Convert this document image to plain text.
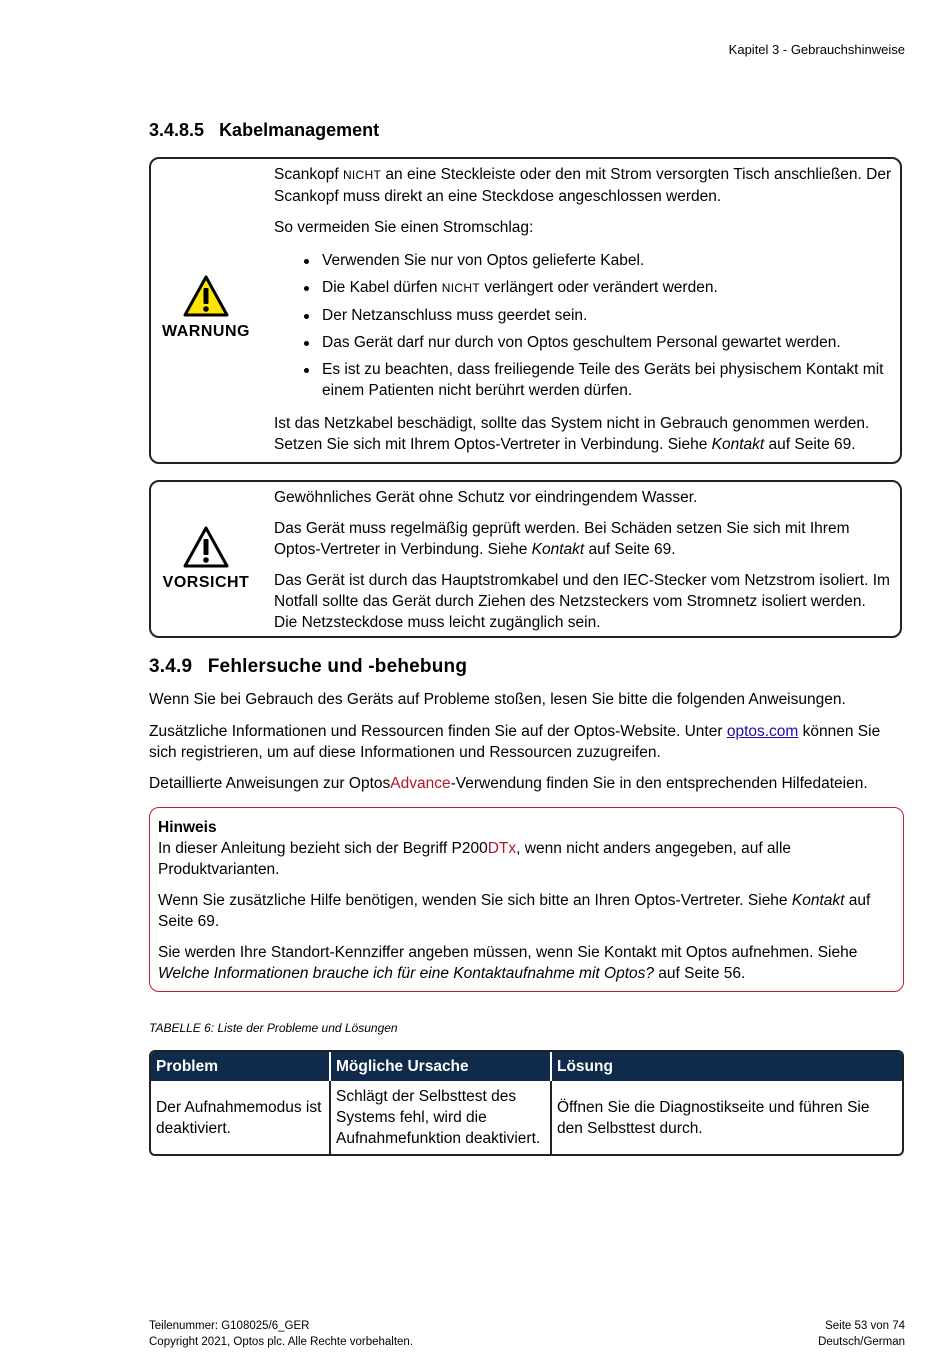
Kapitel 3 - Gebrauchshinweise
3.4.8.5 Kabelmanagement
WARNUNG

Scankopf NICHT an eine Steckleiste oder den mit Strom versorgten Tisch anschließen. Der Scankopf muss direkt an eine Steckdose angeschlossen werden.

So vermeiden Sie einen Stromschlag:

Verwenden Sie nur von Optos gelieferte Kabel.
Die Kabel dürfen NICHT verlängert oder verändert werden.
Der Netzanschluss muss geerdet sein.
Das Gerät darf nur durch von Optos geschultem Personal gewartet werden.
Es ist zu beachten, dass freiliegende Teile des Geräts bei physischem Kontakt mit einem Patienten nicht berührt werden dürfen.

Ist das Netzkabel beschädigt, sollte das System nicht in Gebrauch genommen werden. Setzen Sie sich mit Ihrem Optos-Vertreter in Verbindung. Siehe Kontakt auf Seite 69.

VORSICHT

Gewöhnliches Gerät ohne Schutz vor eindringendem Wasser.

Das Gerät muss regelmäßig geprüft werden. Bei Schäden setzen Sie sich mit Ihrem Optos-Vertreter in Verbindung. Siehe Kontakt auf Seite 69.

Das Gerät ist durch das Hauptstromkabel und den IEC-Stecker vom Netzstrom isoliert. Im Notfall sollte das Gerät durch Ziehen des Netzsteckers vom Stromnetz isoliert werden. Die Netzsteckdose muss leicht zugänglich sein.

3.4.9 Fehlersuche und -behebung

Wenn Sie bei Gebrauch des Geräts auf Probleme stoßen, lesen Sie bitte die folgenden Anweisungen.

Zusätzliche Informationen und Ressourcen finden Sie auf der Optos-Website. Unter optos.com können Sie sich registrieren, um auf diese Informationen und Ressourcen zuzugreifen.

Detaillierte Anweisungen zur OptosAdvance-Verwendung finden Sie in den entsprechenden Hilfedateien.

Hinweis

In dieser Anleitung bezieht sich der Begriff P200DTx, wenn nicht anders angegeben, auf alle Produktvarianten.

Wenn Sie zusätzliche Hilfe benötigen, wenden Sie sich bitte an Ihren Optos-Vertreter. Siehe Kontakt auf Seite 69.

Sie werden Ihre Standort-Kennziffer angeben müssen, wenn Sie Kontakt mit Optos aufnehmen. Siehe Welche Informationen brauche ich für eine Kontaktaufnahme mit Optos? auf Seite 56.

TABELLE 6: Liste der Probleme und Lösungen
Problem	Mögliche Ursache	Lösung
Der Aufnahmemodus ist deaktiviert.	Schlägt der Selbsttest des Systems fehl, wird die Aufnahmefunktion deaktiviert.	Öffnen Sie die Diagnostikseite und führen Sie den Selbsttest durch.
Teilenummer: G108025/6_GER
Copyright 2021, Optos plc. Alle Rechte vorbehalten.
Seite 53 von 74
Deutsch/German
